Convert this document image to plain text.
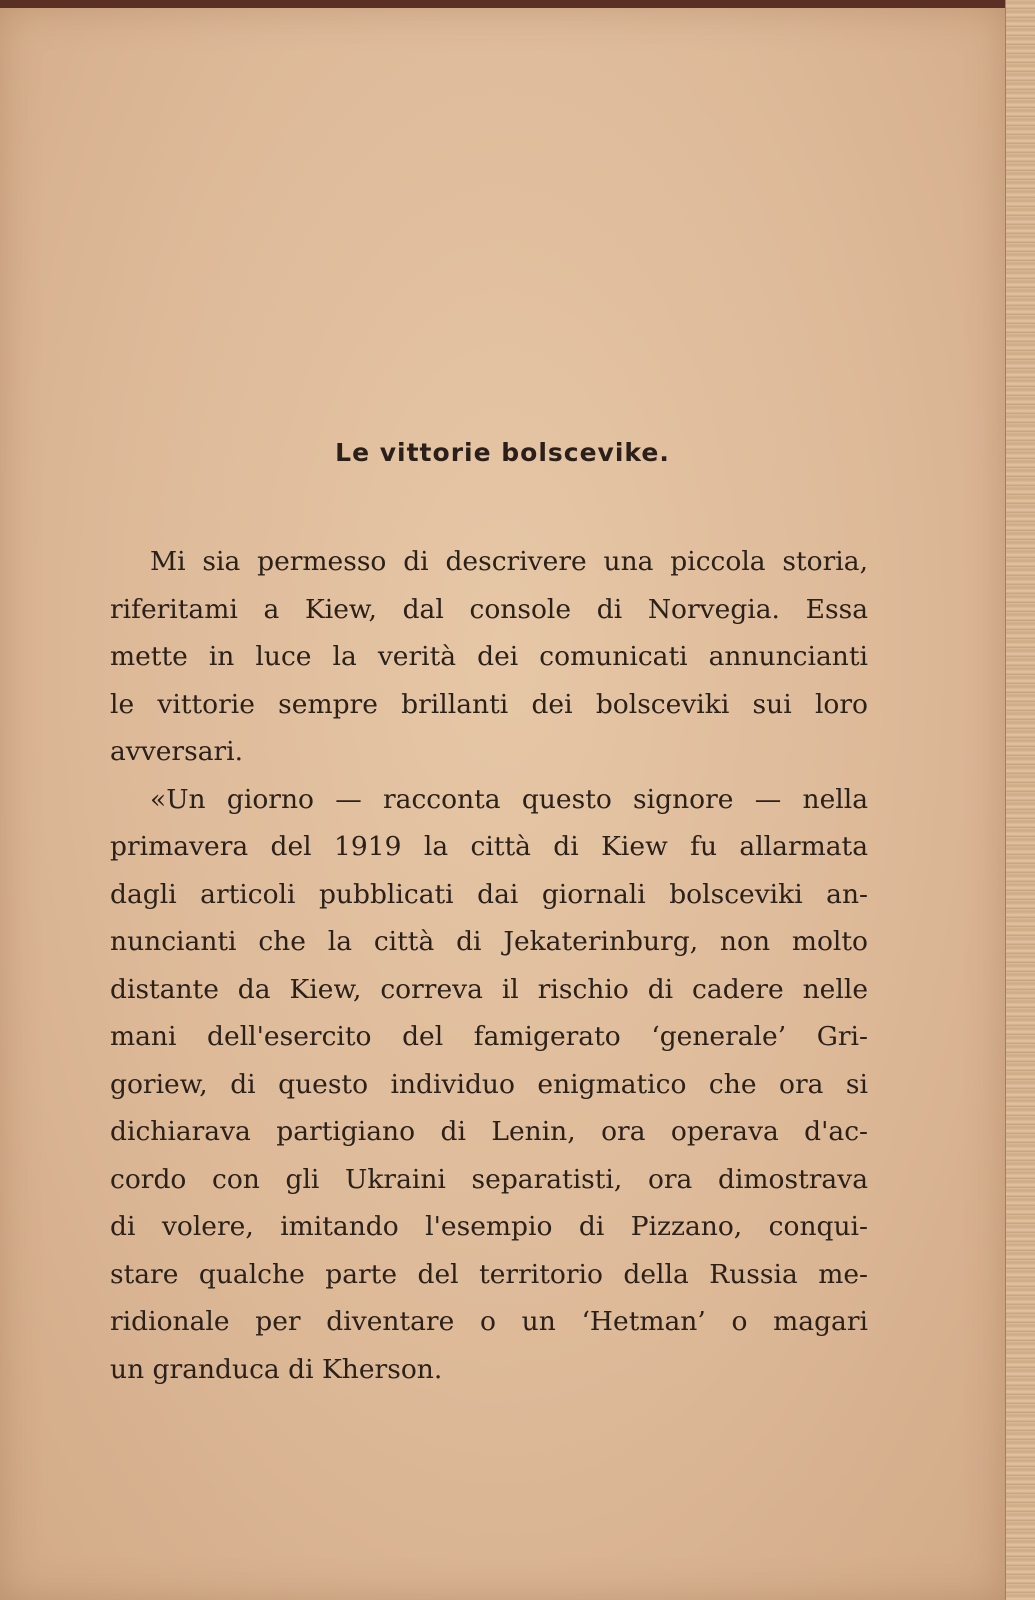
Le vittorie bolscevike.
Mi sia permesso di descrivere una piccola storia,
riferitami a Kiew, dal console di Norvegia. Essa
mette in luce la verità dei comunicati annuncianti
le vittorie sempre brillanti dei bolsceviki sui loro
avversari.
«Un giorno — racconta questo signore — nella
primavera del 1919 la città di Kiew fu allarmata
dagli articoli pubblicati dai giornali bolsceviki an-
nuncianti che la città di Jekaterinburg, non molto
distante da Kiew, correva il rischio di cadere nelle
mani dell'esercito del famigerato ‘generale’ Gri-
goriew, di questo individuo enigmatico che ora si
dichiarava partigiano di Lenin, ora operava d'ac-
cordo con gli Ukraini separatisti, ora dimostrava
di volere, imitando l'esempio di Pizzano, conqui-
stare qualche parte del territorio della Russia me-
ridionale per diventare o un ‘Hetman’ o magari
un granduca di Kherson.
